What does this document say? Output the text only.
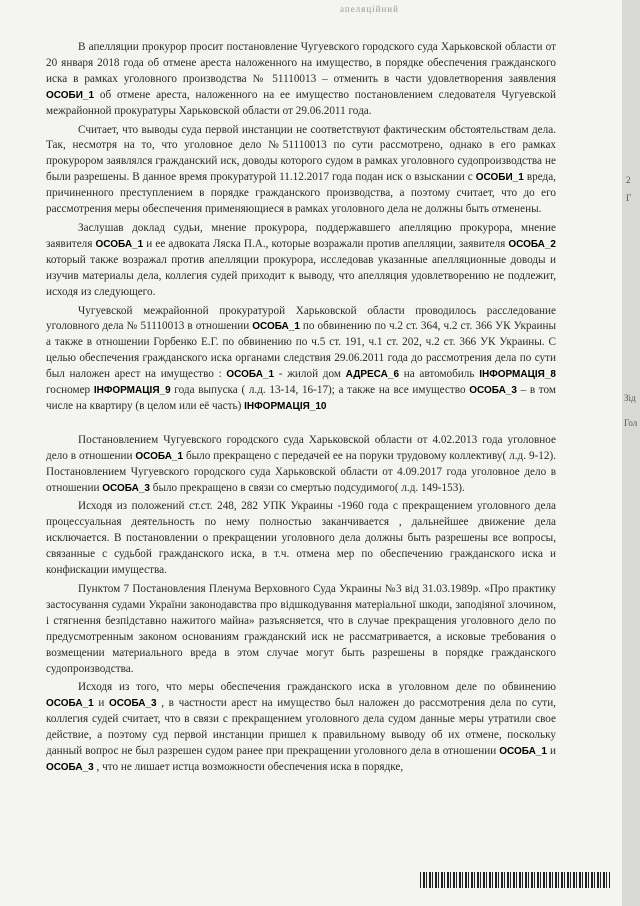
апеляційний

В апелляции прокурор просит постановление Чугуевского городского суда Харьковской области от 20 января 2018 года об отмене ареста наложенного на имущество, в порядке обеспечения гражданского иска в рамках уголовного производства № 51110013 – отменить в части удовлетворения заявления ОСОБИ_1 об отмене ареста, наложенного на ее имущество постановлением следователя Чугуевской межрайонной прокуратуры Харьковской области от 29.06.2011 года.

Считает, что выводы суда первой инстанции не соответствуют фактическим обстоятельствам дела. Так, несмотря на то, что уголовное дело №51110013 по сути рассмотрено, однако в его рамках прокурором заявлялся гражданский иск, доводы которого судом в рамках уголовного судопроизводства не были разрешены. В данное время прокуратурой 11.12.2017 года подан иск о взыскании с ОСОБИ_1 вреда, причиненного преступлением в порядке гражданского производства, а поэтому считает, что до его рассмотрения меры обеспечения применяющиеся в рамках уголовного дела не должны быть отменены.

Заслушав доклад судьи, мнение прокурора, поддержавшего апелляцию прокурора, мнение заявителя ОСОБА_1 и ее адвоката Ляска П.А., которые возражали против апелляции, заявителя ОСОБА_2 который также возражал против апелляции прокурора, исследовав указанные апелляционные доводы и изучив материалы дела, коллегия судей приходит к выводу, что апелляция удовлетворению не подлежит, исходя из следующего.

Чугуевской межрайонной прокуратурой Харьковской области проводилось расследование уголовного дела № 51110013 в отношении ОСОБА_1 по обвинению по ч.2 ст. 364, ч.2 ст. 366 УК Украины а также в отношении Горбенко Е.Г. по обвинению по ч.5 ст. 191, ч.1 ст. 202, ч.2 ст. 366 УК Украины. С целью обеспечения гражданского иска органами следствия 29.06.2011 года до рассмотрения дела по сути был наложен арест на имущество : ОСОБА_1 - жилой дом АДРЕСА_6 на автомобиль ІНФОРМАЦІЯ_8 госномер ІНФОРМАЦІЯ_9 года выпуска ( л.д. 13-14, 16-17); а также на все имущество ОСОБА_3 – в том числе на квартиру (в целом или её часть) ІНФОРМАЦІЯ_10

Постановлением Чугуевского городского суда Харьковской области от 4.02.2013 года уголовное дело в отношении ОСОБА_1 было прекращено с передачей ее на поруки трудовому коллективу( л.д. 9-12). Постановлением Чугуевского городского суда Харьковской области от 4.09.2017 года уголовное дело в отношении ОСОБА_3 было прекращено в связи со смертью подсудимого( л.д. 149-153).

Исходя из положений ст.ст. 248, 282 УПК Украины -1960 года с прекращением уголовного дела процессуальная деятельность по нему полностью заканчивается , дальнейшее движение дела исключается. В постановлении о прекращении уголовного дела должны быть разрешены все вопросы, связанные с судьбой гражданского иска, в т.ч. отмена мер по обеспечению гражданского иска и конфискации имущества.

Пунктом 7 Постановления Пленума Верховного Суда Украины №3 від 31.03.1989р. «Про практику застосування судами України законодавства про відшкодування матеріальної шкоди, заподіяної злочином, і стягнення безпідставно нажитого майна» разъясняется, что в случае прекращения уголовного дело по предусмотренным законом основаниям гражданский иск не рассматривается, а исковые требования о возмещении материального вреда в этом случае могут быть разрешены в порядке гражданского судопроизводства.

Исходя из того, что меры обеспечения гражданского иска в уголовном деле по обвинению ОСОБА_1 и ОСОБА_3 , в частности арест на имущество был наложен до рассмотрения дела по сути, коллегия судей считает, что в связи с прекращением уголовного дела судом данные меры утратили свое действие, а поэтому суд первой инстанции пришел к правильному выводу об их отмене, поскольку данный вопрос не был разрешен судом ранее при прекращении уголовного дела в отношении ОСОБА_1 и ОСОБА_3 , что не лишает истца возможности обеспечения иска в порядке,

2
Г
Зід
Гол
